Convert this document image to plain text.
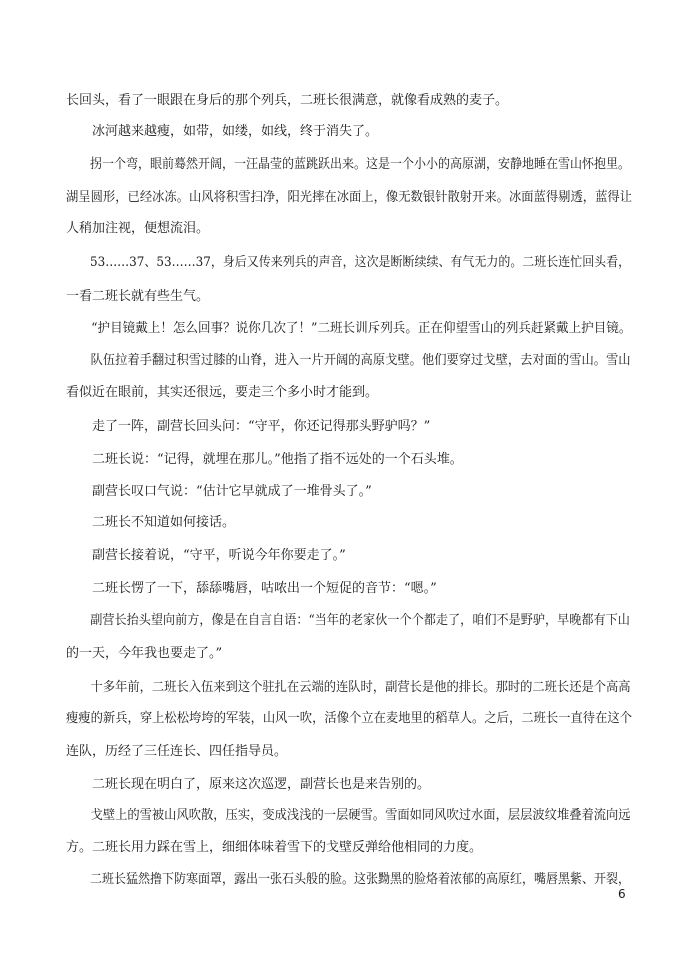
长回头，看了一眼跟在身后的那个列兵，二班长很满意，就像看成熟的麦子。

冰河越来越瘦，如带，如缕，如线，终于消失了。

拐一个弯，眼前蓦然开阔，一汪晶莹的蓝跳跃出来。这是一个小小的高原湖，安静地睡在雪山怀抱里。

湖呈圆形，已经冰冻。山风将积雪扫净，阳光摔在冰面上，像无数银针散射开来。冰面蓝得剔透，蓝得让

人稍加注视，便想流泪。

53……37、53……37，身后又传来列兵的声音，这次是断断续续、有气无力的。二班长连忙回头看，

一看二班长就有些生气。

“护目镜戴上！怎么回事？说你几次了！”二班长训斥列兵。正在仰望雪山的列兵赶紧戴上护目镜。

队伍拉着手翻过积雪过膝的山脊，进入一片开阔的高原戈壁。他们要穿过戈壁，去对面的雪山。雪山

看似近在眼前，其实还很远，要走三个多小时才能到。

走了一阵，副营长回头问：“守平，你还记得那头野驴吗？”

二班长说：“记得，就埋在那儿。”他指了指不远处的一个石头堆。

副营长叹口气说：“估计它早就成了一堆骨头了。”

二班长不知道如何接话。

副营长接着说，“守平，听说今年你要走了。”

二班长愣了一下，舔舔嘴唇，咕哝出一个短促的音节：“嗯。”

副营长抬头望向前方，像是在自言自语：“当年的老家伙一个个都走了，咱们不是野驴，早晚都有下山

的一天，今年我也要走了。”

十多年前，二班长入伍来到这个驻扎在云端的连队时，副营长是他的排长。那时的二班长还是个高高

瘦瘦的新兵，穿上松松垮垮的军装，山风一吹，活像个立在麦地里的稻草人。之后，二班长一直待在这个

连队，历经了三任连长、四任指导员。

二班长现在明白了，原来这次巡逻，副营长也是来告别的。

戈壁上的雪被山风吹散，压实，变成浅浅的一层硬雪。雪面如同风吹过水面，层层波纹堆叠着流向远

方。二班长用力踩在雪上，细细体味着雪下的戈壁反弹给他相同的力度。

二班长猛然撸下防寒面罩，露出一张石头般的脸。这张黝黑的脸烙着浓郁的高原红，嘴唇黑紫、开裂，

6
